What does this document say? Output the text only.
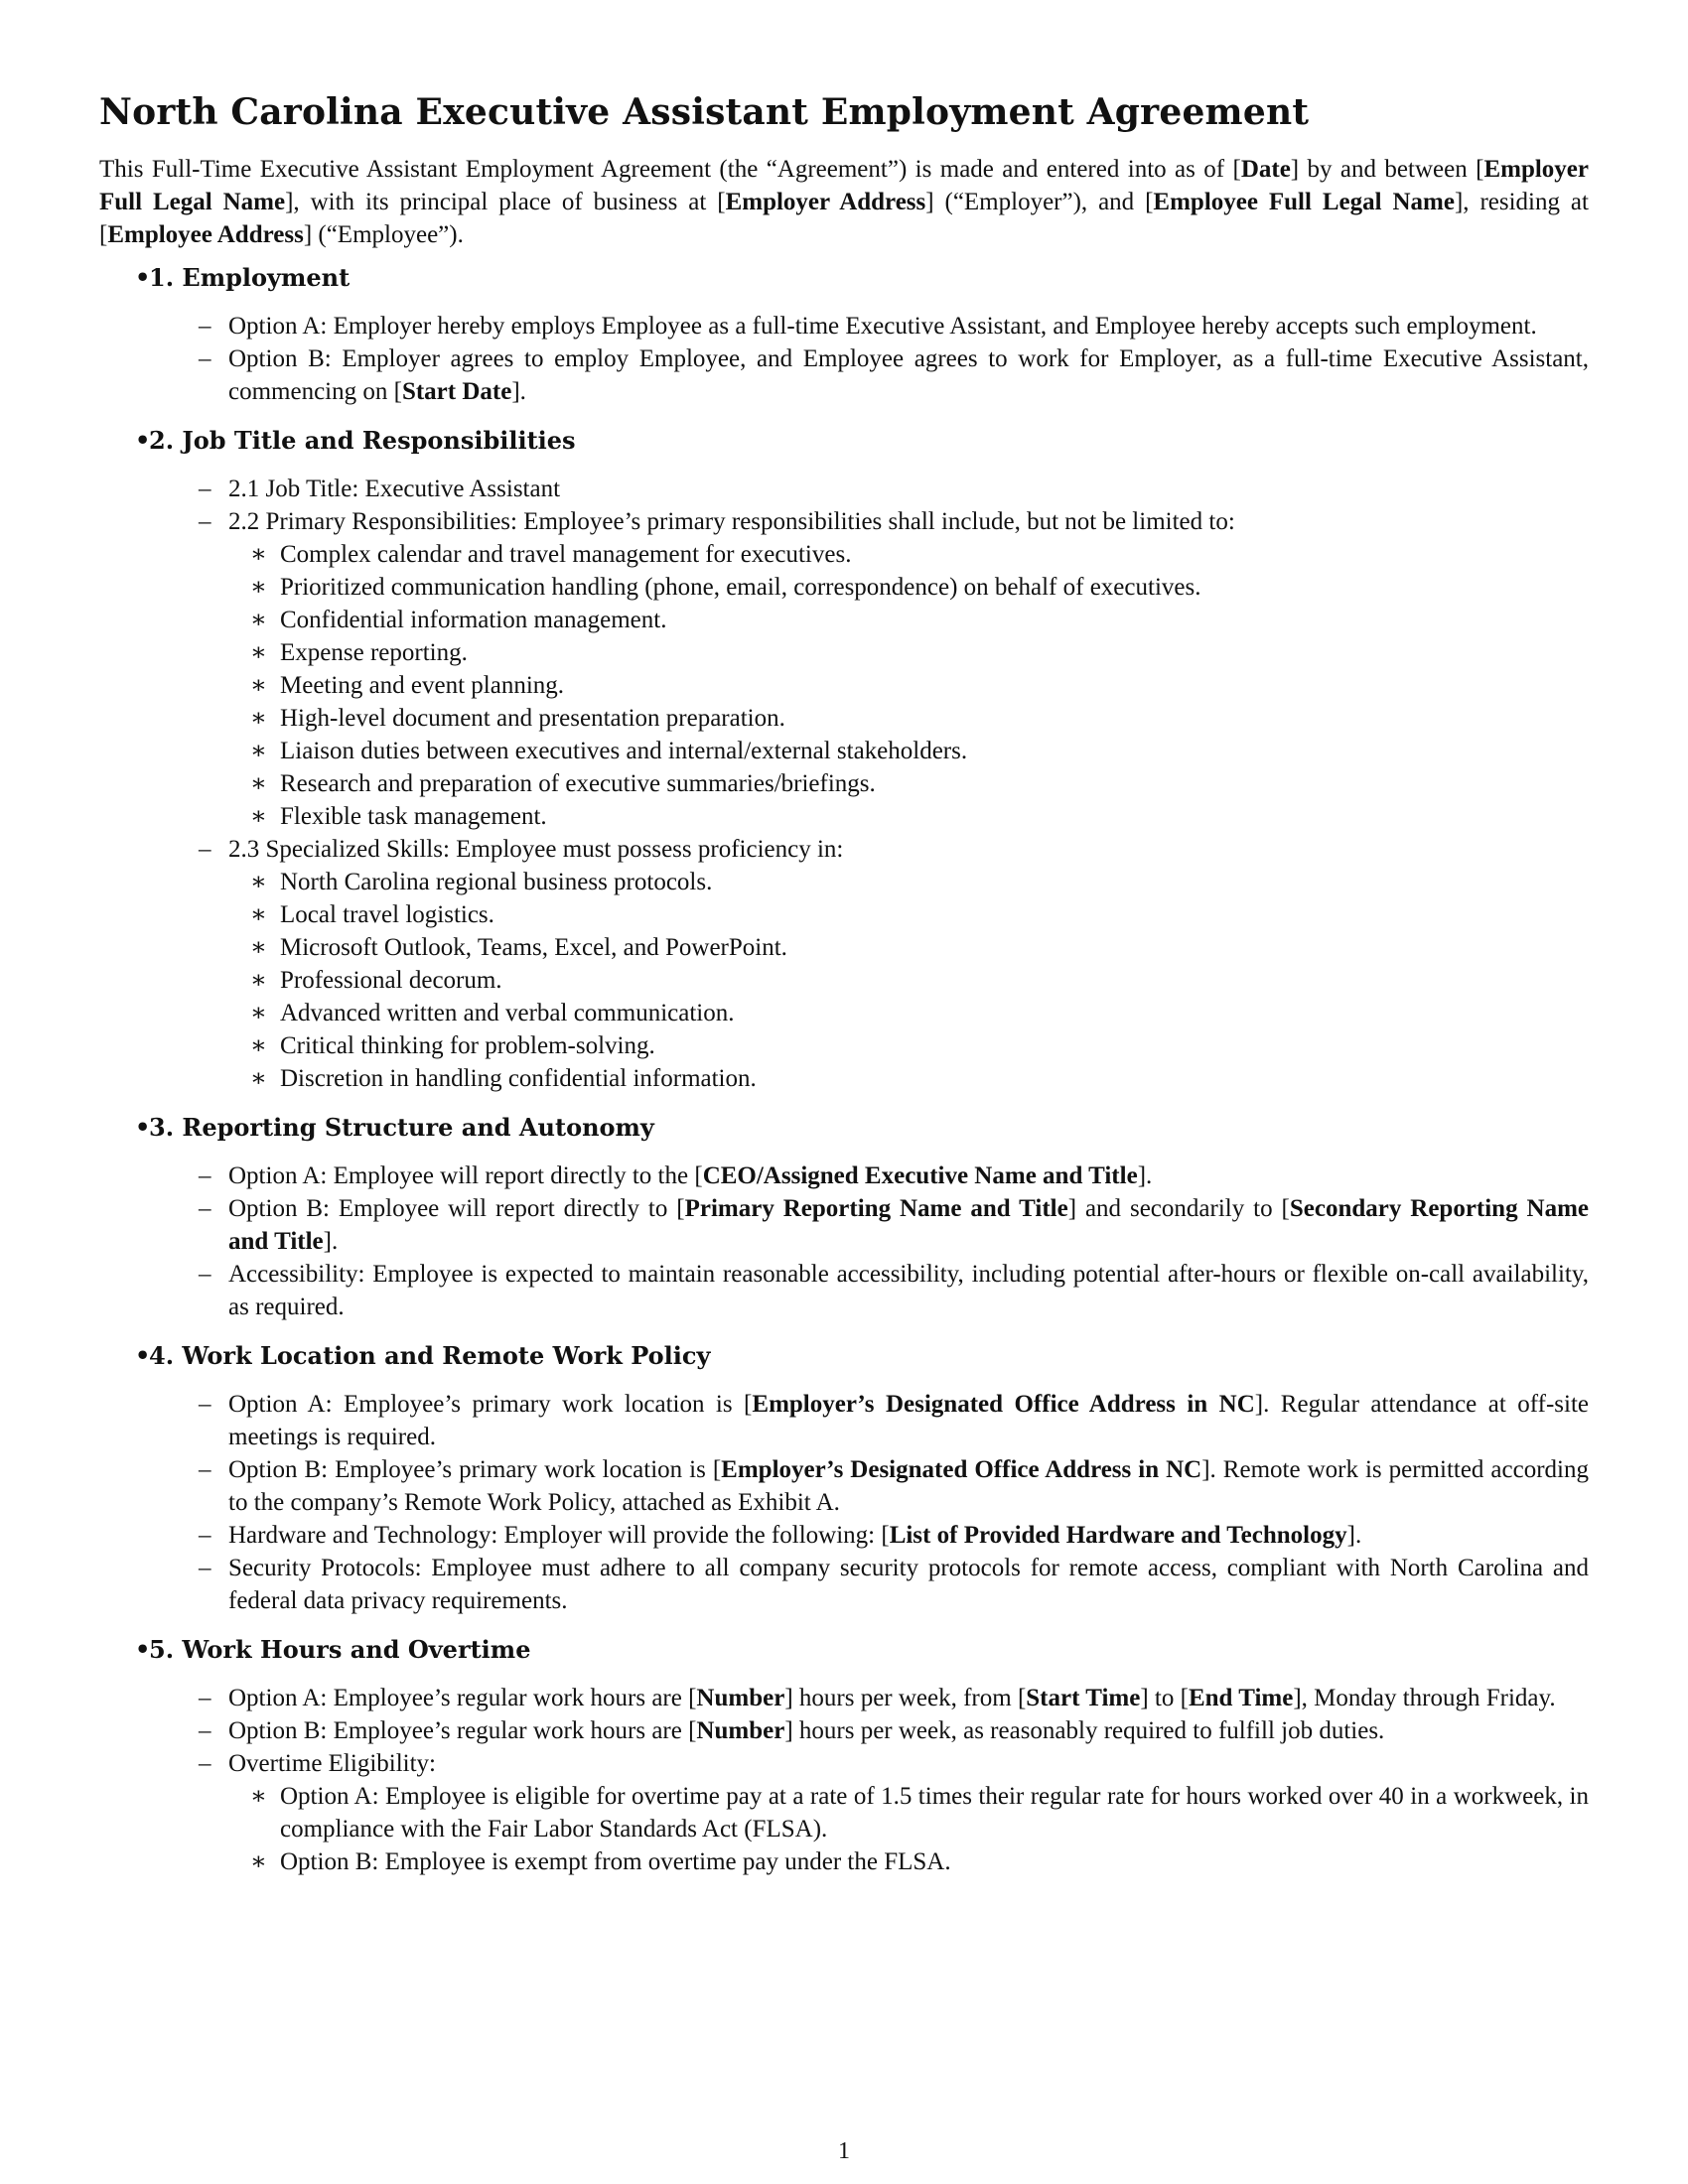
North Carolina Executive Assistant Employment Agreement

This Full-Time Executive Assistant Employment Agreement (the “Agreement”) is made and entered into as of [Date] by and between [Employer Full Legal Name], with its principal place of business at [Employer Address] (“Employer”), and [Employee Full Legal Name], residing at [Employee Address] (“Employee”).

•
1. Employment
– Option A: Employer hereby employs Employee as a full-time Executive Assistant, and Employee hereby accepts such employment.
– Option B: Employer agrees to employ Employee, and Employee agrees to work for Employer, as a full-time Executive Assistant, commencing on [Start Date].
•
2. Job Title and Responsibilities
– 2.1 Job Title: Executive Assistant
– 2.2 Primary Responsibilities: Employee’s primary responsibilities shall include, but not be limited to:
∗ Complex calendar and travel management for executives.
∗ Prioritized communication handling (phone, email, correspondence) on behalf of executives.
∗ Confidential information management.
∗ Expense reporting.
∗ Meeting and event planning.
∗ High-level document and presentation preparation.
∗ Liaison duties between executives and internal/external stakeholders.
∗ Research and preparation of executive summaries/briefings.
∗ Flexible task management.
– 2.3 Specialized Skills: Employee must possess proficiency in:
∗ North Carolina regional business protocols.
∗ Local travel logistics.
∗ Microsoft Outlook, Teams, Excel, and PowerPoint.
∗ Professional decorum.
∗ Advanced written and verbal communication.
∗ Critical thinking for problem-solving.
∗ Discretion in handling confidential information.
•
3. Reporting Structure and Autonomy
– Option A: Employee will report directly to the [CEO/Assigned Executive Name and Title].
– Option B: Employee will report directly to [Primary Reporting Name and Title] and secondarily to [Secondary Reporting Name and Title].
– Accessibility: Employee is expected to maintain reasonable accessibility, including potential after-hours or flexible on-call availability, as required.
•
4. Work Location and Remote Work Policy
– Option A: Employee’s primary work location is [Employer’s Designated Office Address in NC]. Regular attendance at off-site meetings is required.
– Option B: Employee’s primary work location is [Employer’s Designated Office Address in NC]. Remote work is permitted according to the company’s Remote Work Policy, attached as Exhibit A.
– Hardware and Technology: Employer will provide the following: [List of Provided Hardware and Technology].
– Security Protocols: Employee must adhere to all company security protocols for remote access, compliant with North Carolina and federal data privacy requirements.
•
5. Work Hours and Overtime
– Option A: Employee’s regular work hours are [Number] hours per week, from [Start Time] to [End Time], Monday through Friday.
– Option B: Employee’s regular work hours are [Number] hours per week, as reasonably required to fulfill job duties.
– Overtime Eligibility:
∗ Option A: Employee is eligible for overtime pay at a rate of 1.5 times their regular rate for hours worked over 40 in a workweek, in compliance with the Fair Labor Standards Act (FLSA).
∗ Option B: Employee is exempt from overtime pay under the FLSA.
1
